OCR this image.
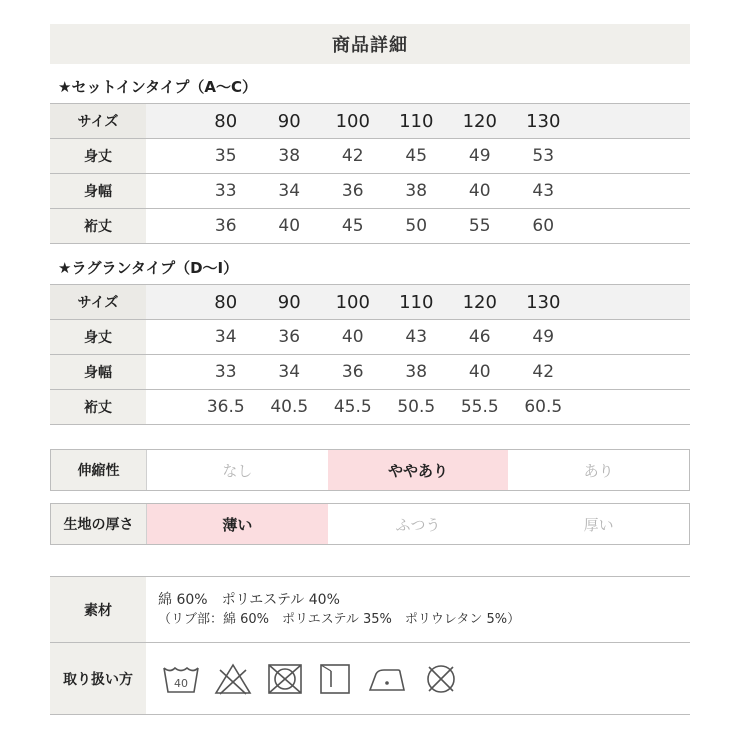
商品詳細
★セットインタイプ（A～C）
サイズ		80	90	100	110	120	130	
身丈		35	38	42	45	49	53	
身幅		33	34	36	38	40	43	
裄丈		36	40	45	50	55	60	
★ラグランタイプ（D～I）
サイズ		80	90	100	110	120	130	
身丈		34	36	40	43	46	49	
身幅		33	34	36	38	40	42	
裄丈		36.5	40.5	45.5	50.5	55.5	60.5	
伸縮性	なし	ややあり	あり
生地の厚さ	薄い	ふつう	厚い
素材
綿 60%　ポリエステル 40%
（リブ部：綿 60%　ポリエステル 35%　ポリウレタン 5%）
取り扱い方	40
